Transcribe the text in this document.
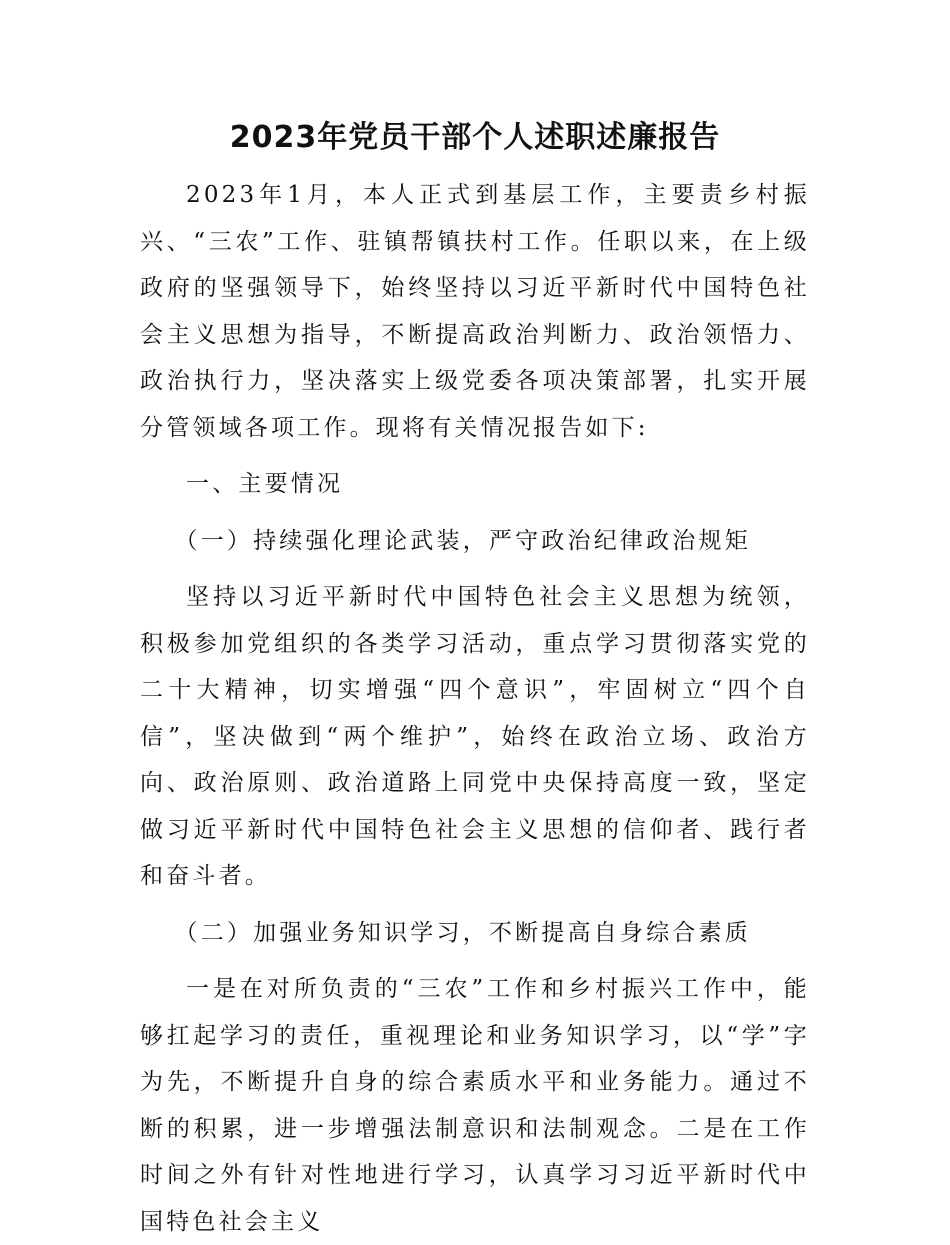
2023年党员干部个人述职述廉报告

2023年1月，本人正式到基层工作，主要责乡村振兴、“三农”工作、驻镇帮镇扶村工作。任职以来，在上级政府的坚强领导下，始终坚持以习近平新时代中国特色社会主义思想为指导，不断提高政治判断力、政治领悟力、政治执行力，坚决落实上级党委各项决策部署，扎实开展分管领域各项工作。现将有关情况报告如下:

一、主要情况

（一）持续强化理论武装，严守政治纪律政治规矩

坚持以习近平新时代中国特色社会主义思想为统领，积极参加党组织的各类学习活动，重点学习贯彻落实党的二十大精神，切实增强“四个意识”，牢固树立“四个自信”，坚决做到“两个维护”，始终在政治立场、政治方向、政治原则、政治道路上同党中央保持高度一致，坚定做习近平新时代中国特色社会主义思想的信仰者、践行者和奋斗者。

（二）加强业务知识学习，不断提高自身综合素质

一是在对所负责的“三农”工作和乡村振兴工作中，能够扛起学习的责任，重视理论和业务知识学习，以“学”字为先，不断提升自身的综合素质水平和业务能力。通过不断的积累，进一步增强法制意识和法制观念。二是在工作时间之外有针对性地进行学习，认真学习习近平新时代中国特色社会主义
